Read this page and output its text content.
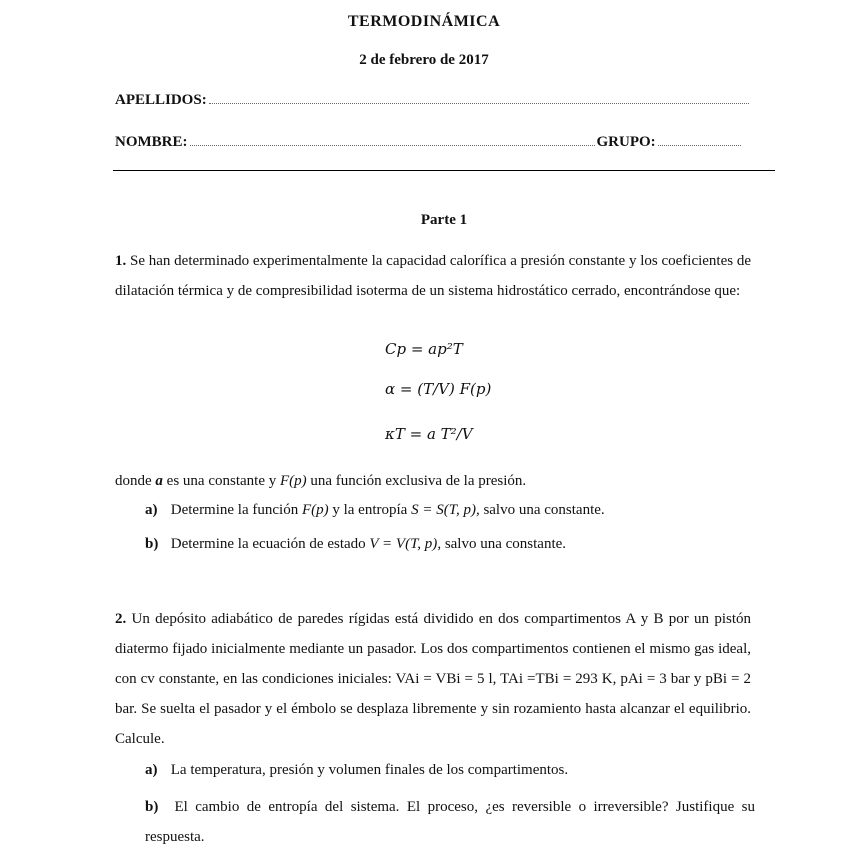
TERMODINÁMICA
2 de febrero de 2017
APELLIDOS:
NOMBRE:	GRUPO:
Parte 1
1. Se han determinado experimentalmente la capacidad calorífica a presión constante y los coeficientes de dilatación térmica y de compresibilidad isoterma de un sistema hidrostático cerrado, encontrándose que:
Cp = ap²T
α = (T/V) F(p)
κT = a T²/V
donde a es una constante y F(p) una función exclusiva de la presión.
a) Determine la función F(p) y la entropía S = S(T, p), salvo una constante.
b) Determine la ecuación de estado V = V(T, p), salvo una constante.
2. Un depósito adiabático de paredes rígidas está dividido en dos compartimentos A y B por un pistón diatermo fijado inicialmente mediante un pasador. Los dos compartimentos contienen el mismo gas ideal, con cv constante, en las condiciones iniciales: VAi = VBi = 5 l, TAi =TBi = 293 K, pAi = 3 bar y pBi = 2 bar. Se suelta el pasador y el émbolo se desplaza libremente y sin rozamiento hasta alcanzar el equilibrio. Calcule.
a) La temperatura, presión y volumen finales de los compartimentos.
b) El cambio de entropía del sistema. El proceso, ¿es reversible o irreversible? Justifique su respuesta.
